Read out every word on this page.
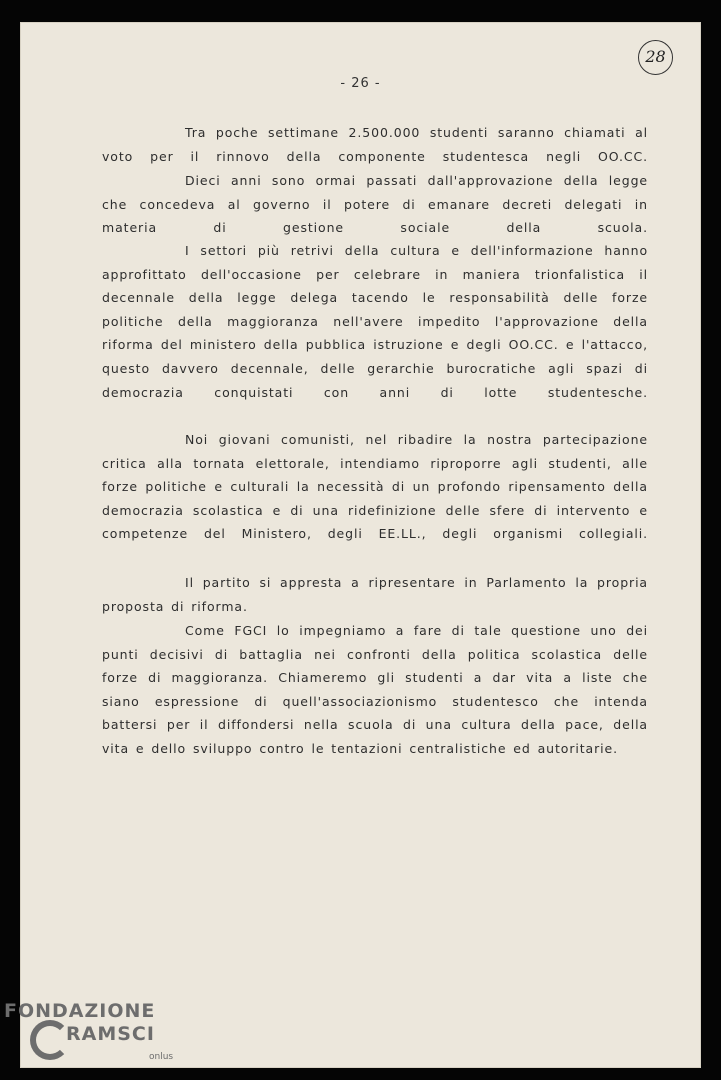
28
- 26 -

Tra poche settimane 2.500.000 studenti saranno chiamati al voto per il rinnovo della componente studentesca negli OO.CC.

Dieci anni sono ormai passati dall'approvazione della legge che concedeva al governo il potere di emanare decreti delegati in materia di gestione sociale della scuola.

I settori più retrivi della cultura e dell'informazione hanno approfittato dell'occasione per celebrare in maniera trionfalistica il decennale della legge delega tacendo le responsabilità delle forze politiche della maggioranza nell'avere impedito l'approvazione della riforma del ministero della pubblica istruzione e degli OO.CC. e l'attacco, questo davvero decennale, delle gerarchie burocratiche agli spazi di democrazia conquistati con anni di lotte studentesche.

Noi giovani comunisti, nel ribadire la nostra partecipazione critica alla tornata elettorale, intendiamo riproporre agli studenti, alle forze politiche e culturali la necessità di un profondo ripensamento della democrazia scolastica e di una ridefinizione delle sfere di intervento e competenze del Ministero, degli EE.LL., degli organismi collegiali.

Il partito si appresta a ripresentare in Parlamento la propria proposta di riforma.

Come FGCI lo impegniamo a fare di tale questione uno dei punti decisivi di battaglia nei confronti della politica scolastica delle forze di maggioranza. Chiameremo gli studenti a dar vita a liste che siano espressione di quell'associazionismo studentesco che intenda battersi per il diffondersi nella scuola di una cultura della pace, della vita e dello sviluppo contro le tentazioni centralistiche ed autoritarie.

FONDAZIONE
RAMSCI
onlus
